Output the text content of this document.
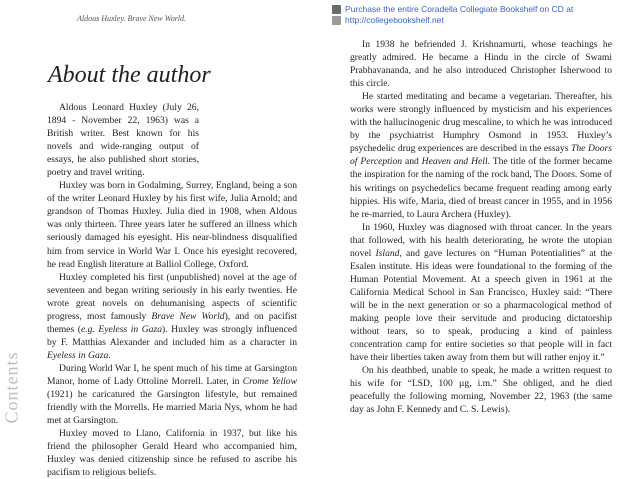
Aldous Huxley. Brave New World.
About the author

Aldous Leonard Huxley (July 26, 1894 - November 22, 1963) was a British writer. Best known for his novels and wide-ranging output of essays, he also published short stories, poetry and travel writing.

Huxley was born in Godalming, Surrey, England, being a son of the writer Leonard Huxley by his first wife, Julia Arnold; and grandson of Thomas Huxley. Julia died in 1908, when Aldous was only thirteen. Three years later he suffered an illness which seriously damaged his eyesight. His near-blindness disqualified him from service in World War I. Once his eyesight recovered, he read English literature at Balliol College, Oxford.

Huxley completed his first (unpublished) novel at the age of seventeen and began writing seriously in his early twenties. He wrote great novels on dehumanising aspects of scientific progress, most famously Brave New World), and on pacifist themes (e.g. Eyeless in Gaza). Huxley was strongly influenced by F. Matthias Alexander and included him as a character in Eyeless in Gaza.

During World War I, he spent much of his time at Garsington Manor, home of Lady Ottoline Morrell. Later, in Crome Yellow (1921) he caricatured the Garsington lifestyle, but remained friendly with the Morrells. He married Maria Nys, whom he had met at Garsington.

Huxley moved to Llano, California in 1937, but like his friend the philosopher Gerald Heard who accompanied him, Huxley was denied citizenship since he refused to ascribe his pacifism to religious beliefs.

Contents
Purchase the entire Coradella Collegiate Bookshelf on CD at
http://collegebookshelf.net

In 1938 he befriended J. Krishnamurti, whose teachings he greatly admired. He became a Hindu in the circle of Swami Prabhavananda, and he also introduced Christopher Isherwood to this circle.

He started meditating and became a vegetarian. Thereafter, his works were strongly influenced by mysticism and his experiences with the hallucinogenic drug mescaline, to which he was introduced by the psychiatrist Humphry Osmond in 1953. Huxley’s psychedelic drug experiences are described in the essays The Doors of Perception and Heaven and Hell. The title of the former became the inspiration for the naming of the rock band, The Doors. Some of his writings on psychedelics became frequent reading among early hippies. His wife, Maria, died of breast cancer in 1955, and in 1956 he re-married, to Laura Archera (Huxley).

In 1960, Huxley was diagnosed with throat cancer. In the years that followed, with his health deteriorating, he wrote the utopian novel Island, and gave lectures on “Human Potentialities” at the Esalen institute. His ideas were foundational to the forming of the Human Potential Movement. At a speech given in 1961 at the California Medical School in San Francisco, Huxley said: “There will be in the next generation or so a pharmacological method of making people love their servitude and producing dictatorship without tears, so to speak, producing a kind of painless concentration camp for entire societies so that people will in fact have their liberties taken away from them but will rather enjoy it.”

On his deathbed, unable to speak, he made a written request to his wife for “LSD, 100 µg, i.m.” She obliged, and he died peacefully the following morning, November 22, 1963 (the same day as John F. Kennedy and C. S. Lewis).
